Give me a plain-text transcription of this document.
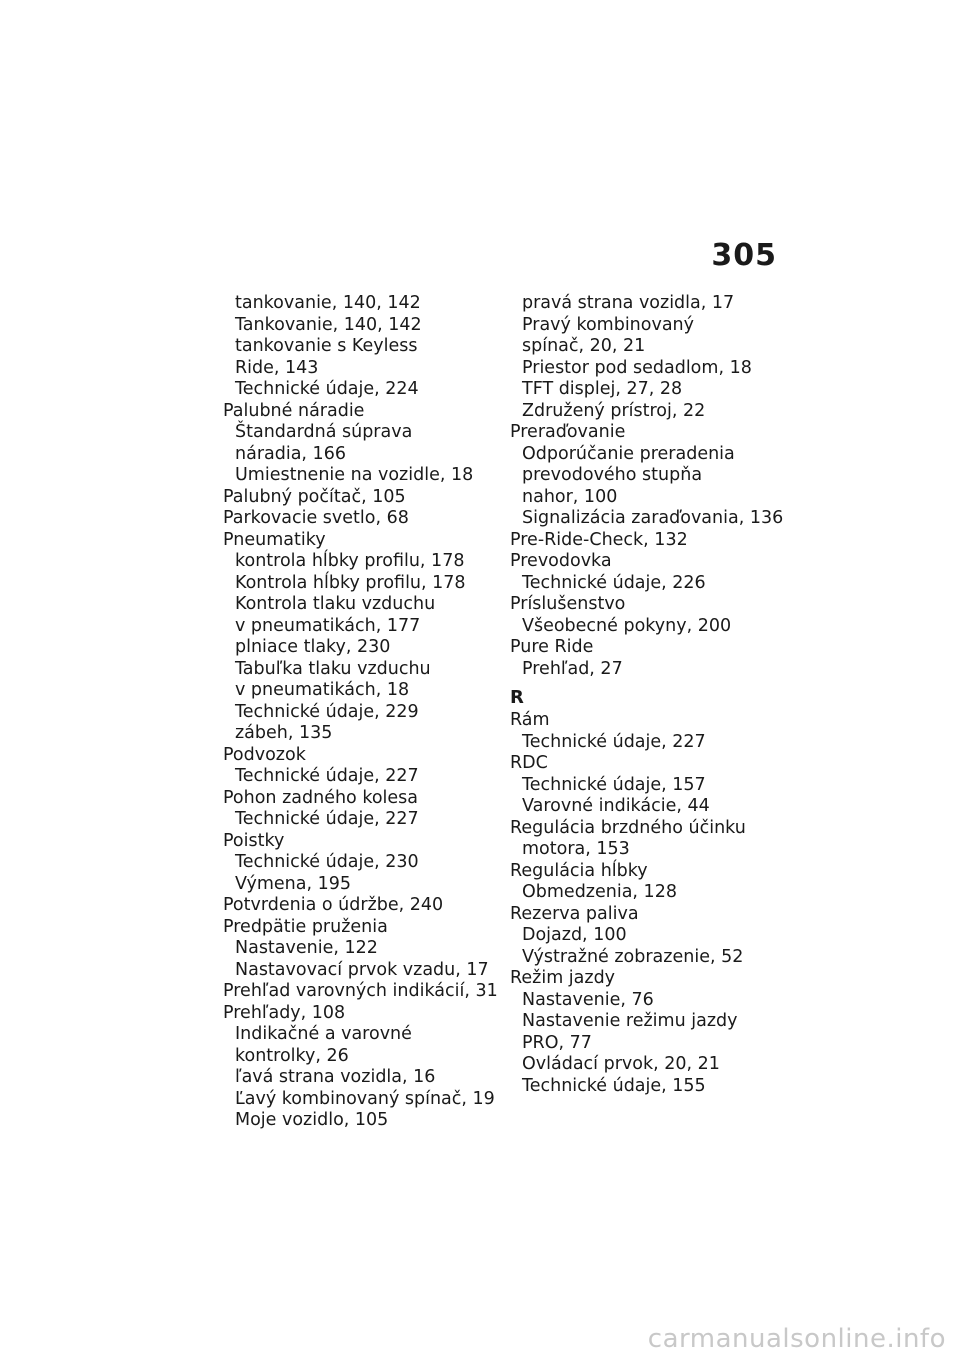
305
tankovanie, 140, 142
Tankovanie, 140, 142
tankovanie s Keyless
Ride, 143
Technické údaje, 224
Palubné náradie
Štandardná súprava
náradia, 166
Umiestnenie na vozidle, 18
Palubný počítač, 105
Parkovacie svetlo, 68
Pneumatiky
kontrola hĺbky profilu, 178
Kontrola hĺbky profilu, 178
Kontrola tlaku vzduchu
v pneumatikách, 177
plniace tlaky, 230
Tabuľka tlaku vzduchu
v pneumatikách, 18
Technické údaje, 229
zábeh, 135
Podvozok
Technické údaje, 227
Pohon zadného kolesa
Technické údaje, 227
Poistky
Technické údaje, 230
Výmena, 195
Potvrdenia o údržbe, 240
Predpätie pruženia
Nastavenie, 122
Nastavovací prvok vzadu, 17
Prehľad varovných indikácií, 31
Prehľady, 108
Indikačné a varovné
kontrolky, 26
ľavá strana vozidla, 16
Ľavý kombinovaný spínač, 19
Moje vozidlo, 105
pravá strana vozidla, 17
Pravý kombinovaný
spínač, 20, 21
Priestor pod sedadlom, 18
TFT displej, 27, 28
Združený prístroj, 22
Preraďovanie
Odporúčanie preradenia
prevodového stupňa
nahor, 100
Signalizácia zaraďovania, 136
Pre-Ride-Check, 132
Prevodovka
Technické údaje, 226
Príslušenstvo
Všeobecné pokyny, 200
Pure Ride
Prehľad, 27
R
Rám
Technické údaje, 227
RDC
Technické údaje, 157
Varovné indikácie, 44
Regulácia brzdného účinku
motora, 153
Regulácia hĺbky
Obmedzenia, 128
Rezerva paliva
Dojazd, 100
Výstražné zobrazenie, 52
Režim jazdy
Nastavenie, 76
Nastavenie režimu jazdy
PRO, 77
Ovládací prvok, 20, 21
Technické údaje, 155
carmanualsonline.info
